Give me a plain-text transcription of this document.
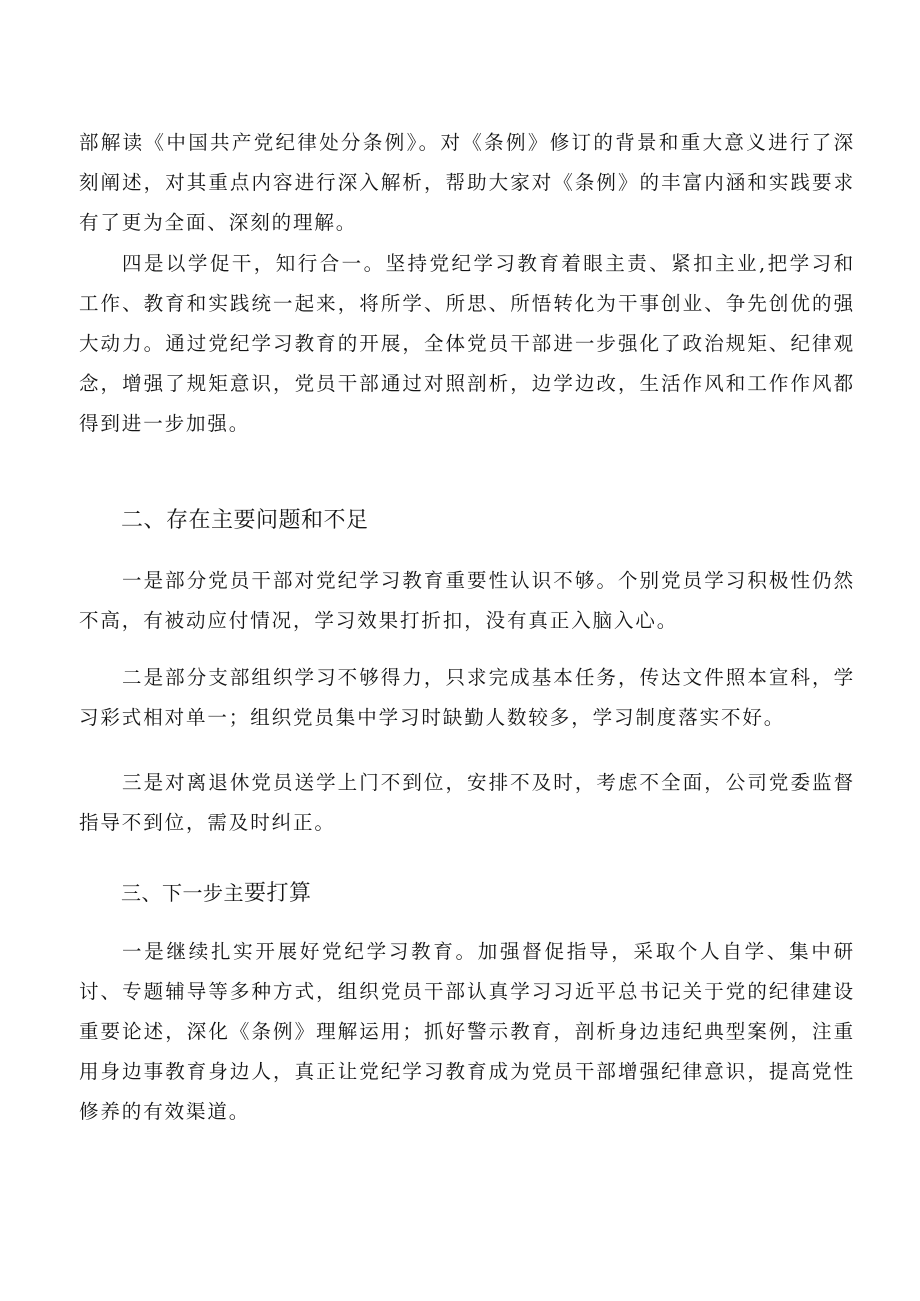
部解读《中国共产党纪律处分条例》。对《条例》修订的背景和重大意义进行了深刻阐述，对其重点内容进行深入解析，帮助大家对《条例》的丰富内涵和实践要求有了更为全面、深刻的理解。

四是以学促干，知行合一。坚持党纪学习教育着眼主责、紧扣主业,把学习和工作、教育和实践统一起来，将所学、所思、所悟转化为干事创业、争先创优的强大动力。通过党纪学习教育的开展，全体党员干部进一步强化了政治规矩、纪律观念，增强了规矩意识，党员干部通过对照剖析，边学边改，生活作风和工作作风都得到进一步加强。

二、存在主要问题和不足

一是部分党员干部对党纪学习教育重要性认识不够。个别党员学习积极性仍然不高，有被动应付情况，学习效果打折扣，没有真正入脑入心。

二是部分支部组织学习不够得力，只求完成基本任务，传达文件照本宣科，学习彩式相对单一；组织党员集中学习时缺勤人数较多，学习制度落实不好。

三是对离退休党员送学上门不到位，安排不及时，考虑不全面，公司党委监督指导不到位，需及时纠正。

三、下一步主要打算

一是继续扎实开展好党纪学习教育。加强督促指导，采取个人自学、集中研讨、专题辅导等多种方式，组织党员干部认真学习习近平总书记关于党的纪律建设重要论述，深化《条例》理解运用；抓好警示教育，剖析身边违纪典型案例，注重用身边事教育身边人，真正让党纪学习教育成为党员干部增强纪律意识，提高党性修养的有效渠道。
